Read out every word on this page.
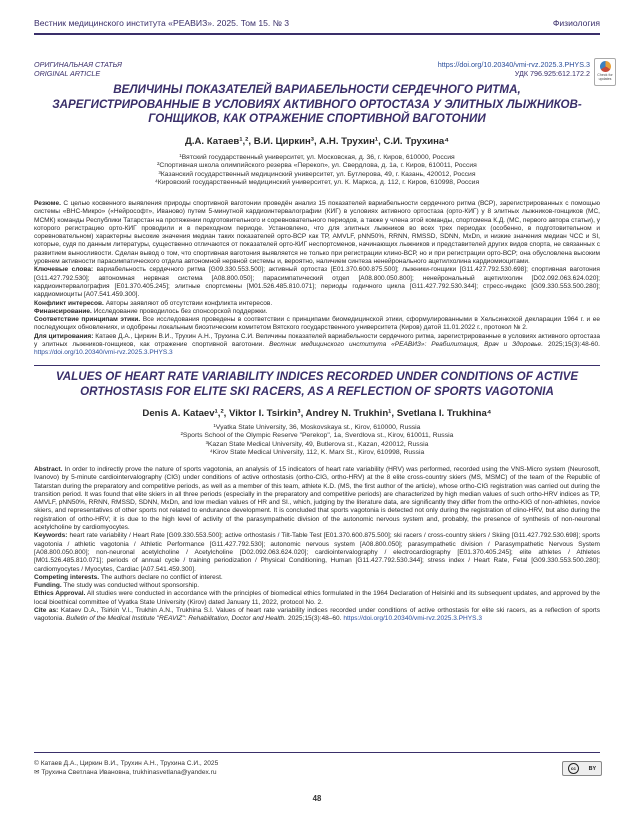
Вестник медицинского института «РЕАВИЗ». 2025. Том 15. № 3	Физиология
ОРИГИНАЛЬНАЯ СТАТЬЯ
ORIGINAL ARTICLE
https://doi.org/10.20340/vmi-rvz.2025.3.PHYS.3
УДК 796.925:612.172.2	Check for updates
ВЕЛИЧИНЫ ПОКАЗАТЕЛЕЙ ВАРИАБЕЛЬНОСТИ СЕРДЕЧНОГО РИТМА, ЗАРЕГИСТРИРОВАННЫЕ В УСЛОВИЯХ АКТИВНОГО ОРТОСТАЗА У ЭЛИТНЫХ ЛЫЖНИКОВ-ГОНЩИКОВ, КАК ОТРАЖЕНИЕ СПОРТИВНОЙ ВАГОТОНИИ
Д.А. Катаев¹,², В.И. Циркин³, А.Н. Трухин¹, С.И. Трухина⁴
¹Вятский государственный университет, ул. Московская, д. 36, г. Киров, 610000, Россия
²Спортивная школа олимпийского резерва «Перекоп», ул. Свердлова, д. 1а, г. Киров, 610011, Россия
³Казанский государственный медицинский университет, ул. Бутлерова, 49, г. Казань, 420012, Россия
⁴Кировский государственный медицинский университет, ул. К. Маркса, д. 112, г. Киров, 610998, Россия
Резюме. С целью косвенного выявления природы спортивной ваготонии проведён анализ 15 показателей вариабельности сердечного ритма (ВСР), зарегистрированных с помощью системы «ВНС-Микро» («Нейрософт», Иваново) путем 5-минутной кардиоинтервалографии (КИГ) в условиях активного ортостаза (орто-КИГ) у 8 элитных лыжников-гонщиков (МС, МСМК) команды Республики Татарстан на протяжении подготовительного и соревновательного периодов, а также у члена этой команды, спортсмена К.Д. (МС, первого автора статьи), у которого регистрацию орто-КИГ проводили и в переходном периоде. Установлено, что для элитных лыжников во всех трех периодах (особенно, в подготовительном и соревновательном) характерны высокие значения медиан таких показателей орто-ВСР как ТР, AMVLF, pNN50%, RRNN, RMSSD, SDNN, MxDn, и низкие значения медиан ЧСС и SI, которые, судя по данным литературы, существенно отличаются от показателей орто-КИГ неспортсменов, начинающих лыжников и представителей других видов спорта, не связанных с развитием выносливости. Сделан вывод о том, что спортивная ваготония выявляется не только при регистрации клино-ВСР, но и при регистрации орто-ВСР; она обусловлена высоким уровнем активности парасимпатического отдела автономной нервной системы и, вероятно, наличием синтеза ненейронального ацетилхолина кардиомиоцитами.
Ключевые слова: вариабельность сердечного ритма [G09.330.553.500]; активный ортостаз [E01.370.600.875.500]; лыжники-гонщики [G11.427.792.530.698]; спортивная ваготония [G11.427.792.530]; автономная нервная система [A08.800.050]; парасимпатический отдел [A08.800.050.800]; ненейрональный ацетилхолин [D02.092.063.624.020]; кардиоинтервалография [E01.370.405.245]; элитные спортсмены [M01.526.485.810.071]; периоды годичного цикла [G11.427.792.530.344]; стресс-индекс [G09.330.553.500.280]; кардиомиоциты [A07.541.459.300].
Конфликт интересов. Авторы заявляют об отсутствии конфликта интересов.
Финансирование. Исследование проводилось без спонсорской поддержки.
Соответствие принципам этики. Все исследования проведены в соответствии с принципами биомедицинской этики, сформулированными в Хельсинкской декларации 1964 г. и ее последующих обновлениях, и одобрены локальным биоэтическим комитетом Вятского государственного университета (Киров) датой 11.01.2022 г., протокол № 2.
Для цитирования: Катаев Д.А., Циркин В.И., Трухин А.Н., Трухина С.И. Величины показателей вариабельности сердечного ритма, зарегистрированные в условиях активного ортостаза у элитных лыжников-гонщиков, как отражение спортивной ваготонии. Вестник медицинского института «РЕАВИЗ»: Реабилитация, Врач и Здоровье. 2025;15(3):48-60. https://doi.org/10.20340/vmi-rvz.2025.3.PHYS.3
VALUES OF HEART RATE VARIABILITY INDICES RECORDED UNDER CONDITIONS OF ACTIVE ORTHOSTASIS FOR ELITE SKI RACERS, AS A REFLECTION OF SPORTS VAGOTONIA
Denis A. Kataev¹,², Viktor I. Tsirkin³, Andrey N. Trukhin¹, Svetlana I. Trukhina⁴
¹Vyatka State University, 36, Moskovskaya st., Kirov, 610000, Russia
²Sports School of the Olympic Reserve "Perekop", 1a, Sverdlova st., Kirov, 610011, Russia
³Kazan State Medical University, 49, Butlerova st., Kazan, 420012, Russia
⁴Kirov State Medical University, 112, K. Marx St., Kirov, 610998, Russia
Abstract. In order to indirectly prove the nature of sports vagotonia, an analysis of 15 indicators of heart rate variability (HRV) was performed, recorded using the VNS-Micro system (Neurosoft, Ivanovo) by 5-minute cardiointervalography (CIG) under conditions of active orthostasis (ortho-CIG, ortho-HRV) at the 8 elite cross-country skiers (MS, MSMC) of the team of the Republic of Tatarstan during the preparatory and competitive periods, as well as a member of this team, athlete K.D. (MS, the first author of the article), whose ortho-CIG registration was carried out during the transition period. It was found that elite skiers in all three periods (especially in the preparatory and competitive periods) are characterized by high median values of such ortho-HRV indices as TP, AMVLF, pNN50%, RRNN, RMSSD, SDNN, MxDn, and low median values of HR and SI., which, judging by the literature data, are significantly they differ from the ortho-KIG of non-athletes, novice skiers, and representatives of other sports not related to endurance development. It is concluded that sports vagotonia is detected not only during the registration of clino-HRV, but also during the registration of ortho-HRV; it is due to the high level of activity of the parasympathetic division of the autonomic nervous system and, probably, the presence of synthesis of non-neuronal acetylcholine by cardiomyocytes.
Keywords: heart rate variability / Heart Rate [G09.330.553.500]; active orthostasis / Tilt-Table Test [E01.370.600.875.500]; ski racers / cross-country skiers / Skiing [G11.427.792.530.698]; sports vagotonia / athletic vagotonia / Athletic Performance [G11.427.792.530]; autonomic nervous system [A08.800.050]; parasympathetic division / Parasympathetic Nervous System [A08.800.050.800]; non-neuronal acetylcholine / Acetylcholine [D02.092.063.624.020]; cardiointervalography / electrocardiography [E01.370.405.245]; elite athletes / Athletes [M01.526.485.810.071]; periods of annual cycle / training periodization / Physical Conditioning, Human [G11.427.792.530.344]; stress index / Heart Rate, Fetal [G09.330.553.500.280]; cardiomyocytes / Myocytes, Cardiac [A07.541.459.300].
Competing interests. The authors declare no conflict of interest.
Funding. The study was conducted without sponsorship.
Ethics Approval. All studies were conducted in accordance with the principles of biomedical ethics formulated in the 1964 Declaration of Helsinki and its subsequent updates, and approved by the local bioethical committee of Vyatka State University (Kirov) dated January 11, 2022, protocol No. 2.
Cite as: Kataev D.A., Tsirkin V.I., Trukhin A.N., Trukhina S.I. Values of heart rate variability indices recorded under conditions of active orthostasis for elite ski racers, as a reflection of sports vagotonia. Bulletin of the Medical Institute "REAVIZ": Rehabilitation, Doctor and Health. 2025;15(3):48–60. https://doi.org/10.20340/vmi-rvz.2025.3.PHYS.3
© Катаев Д.А., Циркин В.И., Трухин А.Н., Трухина С.И., 2025
✉ Трухина Светлана Ивановна, trukhinasvetlana@yandex.ru
cc	BY
48
